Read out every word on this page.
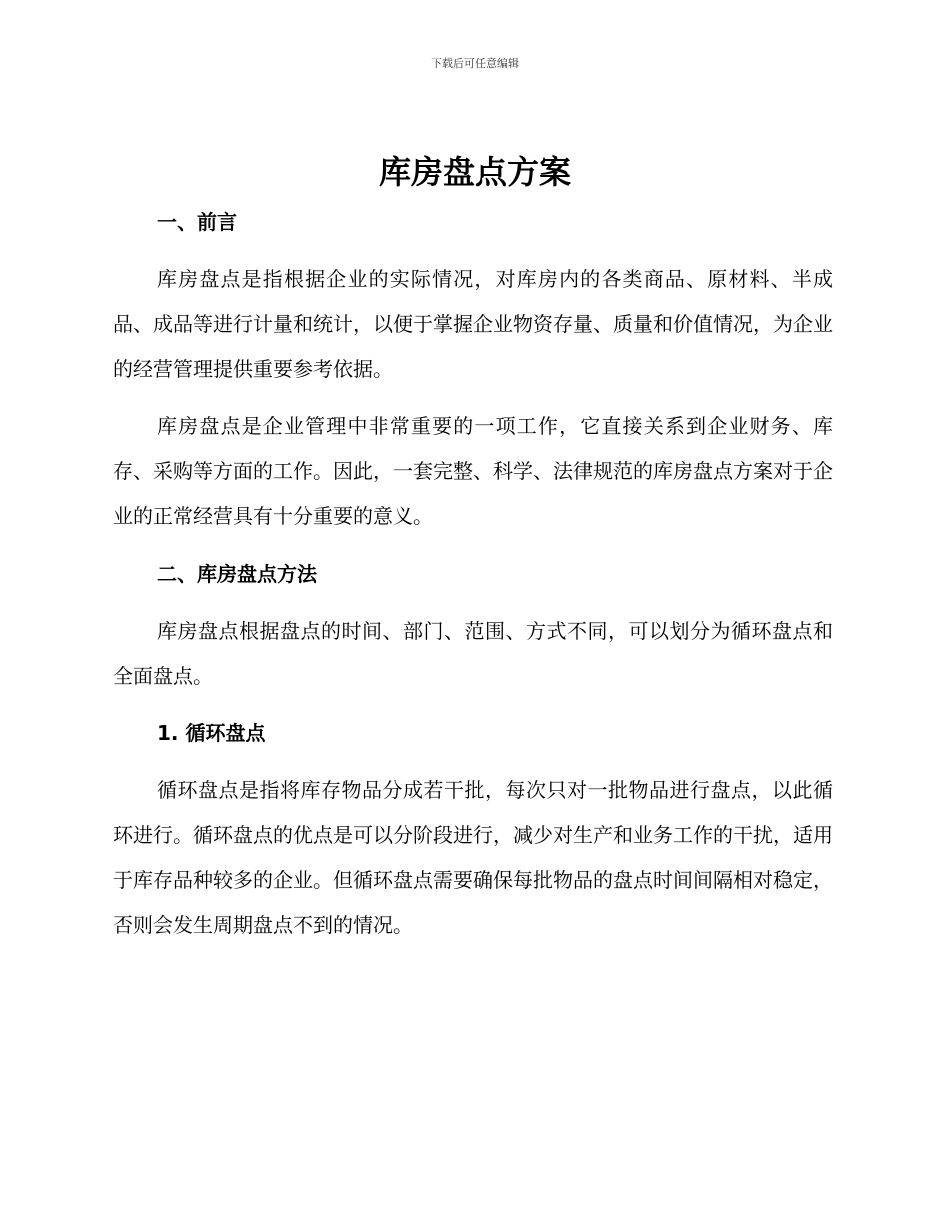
下载后可任意编辑
库房盘点方案
一、前言

库房盘点是指根据企业的实际情况，对库房内的各类商品、原材料、半成品、成品等进行计量和统计，以便于掌握企业物资存量、质量和价值情况，为企业的经营管理提供重要参考依据。

库房盘点是企业管理中非常重要的一项工作，它直接关系到企业财务、库存、采购等方面的工作。因此，一套完整、科学、法律规范的库房盘点方案对于企业的正常经营具有十分重要的意义。

二、库房盘点方法

库房盘点根据盘点的时间、部门、范围、方式不同，可以划分为循环盘点和全面盘点。

1. 循环盘点

循环盘点是指将库存物品分成若干批，每次只对一批物品进行盘点，以此循环进行。循环盘点的优点是可以分阶段进行，减少对生产和业务工作的干扰，适用于库存品种较多的企业。但循环盘点需要确保每批物品的盘点时间间隔相对稳定，否则会发生周期盘点不到的情况。
